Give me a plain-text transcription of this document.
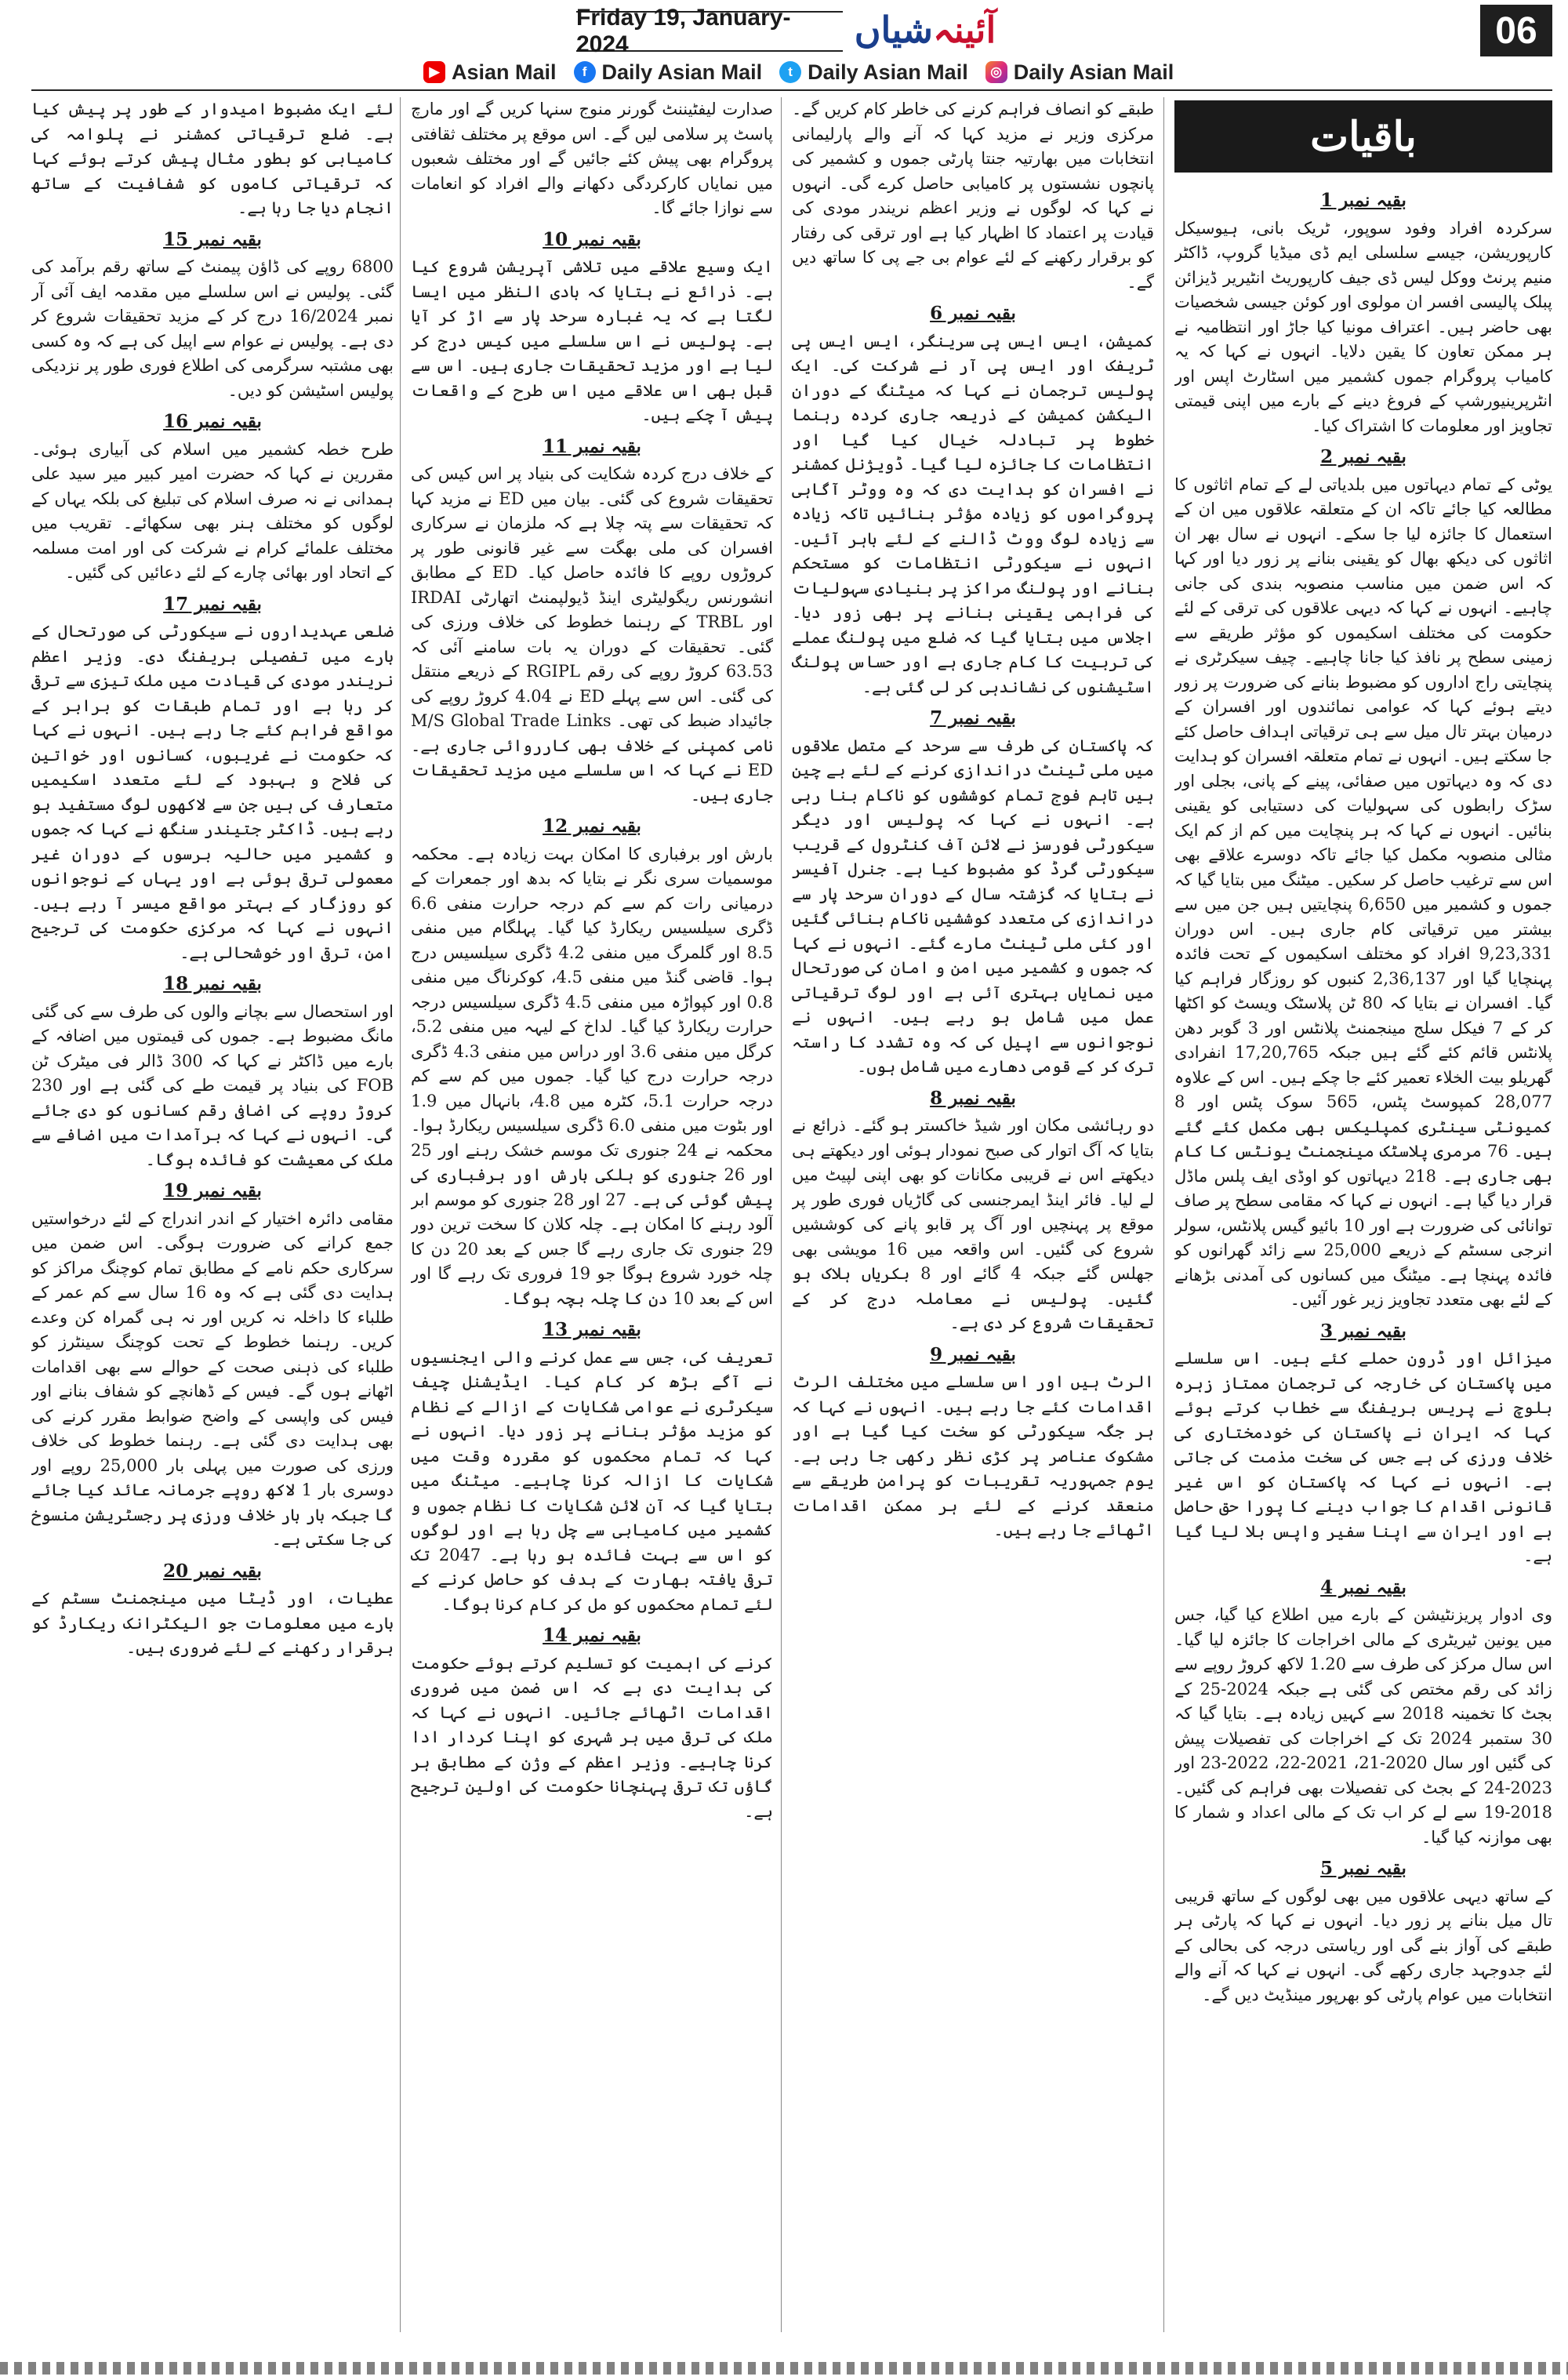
Friday 19, January-2024	آئینہ
شیاں	06
▶ Asian Mail	f Daily Asian Mail	t Daily Asian Mail	◎ Daily Asian Mail
باقیات
بقیہ نمبر 1

سرکردہ افراد وفود سوپور، ٹریک بانی، ہیوسیکل کارپوریشن، جیسے سلسلی ایم ڈی میڈیا گروپ، ڈاکٹر منیم پرنٹ ووکل لیس ڈی جیف کارپوریٹ انٹیریر ڈیزائن پبلک پالیسی افسر ان مولوی اور کوئن جیسی شخصیات بھی حاضر ہیں۔ اعتراف مونیا کیا جاڑ اور انتظامیہ نے ہر ممکن تعاون کا یقین دلایا۔ انہوں نے کہا کہ یہ کامیاب پروگرام جموں کشمیر میں اسٹارٹ اپس اور انٹرپرینیورشپ کے فروغ دینے کے بارے میں اپنی قیمتی تجاویز اور معلومات کا اشتراک کیا۔

بقیہ نمبر 2

یوٹی کے تمام دیہاتوں میں بلدیاتی لے کے تمام اثاثوں کا مطالعہ کیا جائے تاکہ ان کے متعلقہ علاقوں میں ان کے استعمال کا جائزہ لیا جا سکے۔ انہوں نے سال بھر ان اثاثوں کی دیکھ بھال کو یقینی بنانے پر زور دیا اور کہا کہ اس ضمن میں مناسب منصوبہ بندی کی جانی چاہیے۔ انہوں نے کہا کہ دیہی علاقوں کی ترقی کے لئے حکومت کی مختلف اسکیموں کو مؤثر طریقے سے زمینی سطح پر نافذ کیا جانا چاہیے۔ چیف سیکرٹری نے پنچایتی راج اداروں کو مضبوط بنانے کی ضرورت پر زور دیتے ہوئے کہا کہ عوامی نمائندوں اور افسران کے درمیان بہتر تال میل سے ہی ترقیاتی اہداف حاصل کئے جا سکتے ہیں۔ انہوں نے تمام متعلقہ افسران کو ہدایت دی کہ وہ دیہاتوں میں صفائی، پینے کے پانی، بجلی اور سڑک رابطوں کی سہولیات کی دستیابی کو یقینی بنائیں۔ انہوں نے کہا کہ ہر پنچایت میں کم از کم ایک مثالی منصوبہ مکمل کیا جائے تاکہ دوسرے علاقے بھی اس سے ترغیب حاصل کر سکیں۔ میٹنگ میں بتایا گیا کہ جموں و کشمیر میں 6,650 پنچایتیں ہیں جن میں سے بیشتر میں ترقیاتی کام جاری ہیں۔ اس دوران 9,23,331 افراد کو مختلف اسکیموں کے تحت فائدہ پہنچایا گیا اور 2,36,137 کنبوں کو روزگار فراہم کیا گیا۔ افسران نے بتایا کہ 80 ٹن پلاسٹک ویسٹ کو اکٹھا کر کے 7 فیکل سلج مینجمنٹ پلانٹس اور 3 گوبر دھن پلانٹس قائم کئے گئے ہیں جبکہ 17,20,765 انفرادی گھریلو بیت الخلاء تعمیر کئے جا چکے ہیں۔ اس کے علاوہ 28,077 کمپوسٹ پٹس، 565 سوک پٹس اور 8 کمیونٹی سینٹری کمپلیکس بھی مکمل کئے گئے ہیں۔ 76 مرمری پلاسٹک مینجمنٹ یونٹس کا کام بھی جاری ہے۔ 218 دیہاتوں کو اوڈی ایف پلس ماڈل قرار دیا گیا ہے۔ انہوں نے کہا کہ مقامی سطح پر صاف توانائی کی ضرورت ہے اور 10 بائیو گیس پلانٹس، سولر انرجی سسٹم کے ذریعے 25,000 سے زائد گھرانوں کو فائدہ پہنچا ہے۔ میٹنگ میں کسانوں کی آمدنی بڑھانے کے لئے بھی متعدد تجاویز زیر غور آئیں۔

بقیہ نمبر 3

میزائل اور ڈرون حملے کئے ہیں۔ اس سلسلے میں پاکستان کی خارجہ کی ترجمان ممتاز زہرہ بلوچ نے پریس بریفنگ سے خطاب کرتے ہوئے کہا کہ ایران نے پاکستان کی خودمختاری کی خلاف ورزی کی ہے جس کی سخت مذمت کی جاتی ہے۔ انہوں نے کہا کہ پاکستان کو اس غیر قانونی اقدام کا جواب دینے کا پورا حق حاصل ہے اور ایران سے اپنا سفیر واپس بلا لیا گیا ہے۔

بقیہ نمبر 4

وی ادوار پریزنٹیشن کے بارے میں اطلاع کیا گیا، جس میں یونین ٹیریٹری کے مالی اخراجات کا جائزہ لیا گیا۔ اس سال مرکز کی طرف سے 1.20 لاکھ کروڑ روپے سے زائد کی رقم مختص کی گئی ہے جبکہ 2024-25 کے بجٹ کا تخمینہ 2018 سے کہیں زیادہ ہے۔ بتایا گیا کہ 30 ستمبر 2024 تک کے اخراجات کی تفصیلات پیش کی گئیں اور سال 2020-21، 2021-22، 2022-23 اور 2023-24 کے بجٹ کی تفصیلات بھی فراہم کی گئیں۔ 2018-19 سے لے کر اب تک کے مالی اعداد و شمار کا بھی موازنہ کیا گیا۔

بقیہ نمبر 5

کے ساتھ دیہی علاقوں میں بھی لوگوں کے ساتھ قریبی تال میل بنانے پر زور دیا۔ انہوں نے کہا کہ پارٹی ہر طبقے کی آواز بنے گی اور ریاستی درجہ کی بحالی کے لئے جدوجہد جاری رکھے گی۔ انہوں نے کہا کہ آنے والے انتخابات میں عوام پارٹی کو بھرپور مینڈیٹ دیں گے۔

طبقے کو انصاف فراہم کرنے کی خاطر کام کریں گے۔ مرکزی وزیر نے مزید کہا کہ آنے والے پارلیمانی انتخابات میں بھارتیہ جنتا پارٹی جموں و کشمیر کی پانچوں نشستوں پر کامیابی حاصل کرے گی۔ انہوں نے کہا کہ لوگوں نے وزیر اعظم نریندر مودی کی قیادت پر اعتماد کا اظہار کیا ہے اور ترقی کی رفتار کو برقرار رکھنے کے لئے عوام بی جے پی کا ساتھ دیں گے۔

بقیہ نمبر 6

کمیشن، ایس ایس پی سرینگر، ایس ایس پی ٹریفک اور ایس پی آر نے شرکت کی۔ ایک پولیس ترجمان نے کہا کہ میٹنگ کے دوران الیکشن کمیشن کے ذریعہ جاری کردہ رہنما خطوط پر تبادلہ خیال کیا گیا اور انتظامات کا جائزہ لیا گیا۔ ڈویژنل کمشنر نے افسران کو ہدایت دی کہ وہ ووٹر آگاہی پروگراموں کو زیادہ مؤثر بنائیں تاکہ زیادہ سے زیادہ لوگ ووٹ ڈالنے کے لئے باہر آئیں۔ انہوں نے سیکورٹی انتظامات کو مستحکم بنانے اور پولنگ مراکز پر بنیادی سہولیات کی فراہمی یقینی بنانے پر بھی زور دیا۔ اجلاس میں بتایا گیا کہ ضلع میں پولنگ عملے کی تربیت کا کام جاری ہے اور حساس پولنگ اسٹیشنوں کی نشاندہی کر لی گئی ہے۔

بقیہ نمبر 7

کہ پاکستان کی طرف سے سرحد کے متصل علاقوں میں ملی ٹینٹ دراندازی کرنے کے لئے بے چین ہیں تاہم فوج تمام کوششوں کو ناکام بنا رہی ہے۔ انہوں نے کہا کہ پولیس اور دیگر سیکورٹی فورسز نے لائن آف کنٹرول کے قریب سیکورٹی گرڈ کو مضبوط کیا ہے۔ جنرل آفیسر نے بتایا کہ گزشتہ سال کے دوران سرحد پار سے دراندازی کی متعدد کوششیں ناکام بنائی گئیں اور کئی ملی ٹینٹ مارے گئے۔ انہوں نے کہا کہ جموں و کشمیر میں امن و امان کی صورتحال میں نمایاں بہتری آئی ہے اور لوگ ترقیاتی عمل میں شامل ہو رہے ہیں۔ انہوں نے نوجوانوں سے اپیل کی کہ وہ تشدد کا راستہ ترک کر کے قومی دھارے میں شامل ہوں۔

بقیہ نمبر 8

دو رہائشی مکان اور شیڈ خاکستر ہو گئے۔ ذرائع نے بتایا کہ آگ اتوار کی صبح نمودار ہوئی اور دیکھتے ہی دیکھتے اس نے قریبی مکانات کو بھی اپنی لپیٹ میں لے لیا۔ فائر اینڈ ایمرجنسی کی گاڑیاں فوری طور پر موقع پر پہنچیں اور آگ پر قابو پانے کی کوششیں شروع کی گئیں۔ اس واقعہ میں 16 مویشی بھی جھلس گئے جبکہ 4 گائے اور 8 بکریاں ہلاک ہو گئیں۔ پولیس نے معاملہ درج کر کے تحقیقات شروع کر دی ہے۔

بقیہ نمبر 9

الرٹ ہیں اور اس سلسلے میں مختلف الرٹ اقدامات کئے جا رہے ہیں۔ انہوں نے کہا کہ ہر جگہ سیکورٹی کو سخت کیا گیا ہے اور مشکوک عناصر پر کڑی نظر رکھی جا رہی ہے۔ یوم جمہوریہ تقریبات کو پرامن طریقے سے منعقد کرنے کے لئے ہر ممکن اقدامات اٹھائے جا رہے ہیں۔

صدارت لیفٹیننٹ گورنر منوج سنہا کریں گے اور مارچ پاسٹ پر سلامی لیں گے۔ اس موقع پر مختلف ثقافتی پروگرام بھی پیش کئے جائیں گے اور مختلف شعبوں میں نمایاں کارکردگی دکھانے والے افراد کو انعامات سے نوازا جائے گا۔

بقیہ نمبر 10

ایک وسیع علاقے میں تلاشی آپریشن شروع کیا ہے۔ ذرائع نے بتایا کہ بادی النظر میں ایسا لگتا ہے کہ یہ غبارہ سرحد پار سے اڑ کر آیا ہے۔ پولیس نے اس سلسلے میں کیس درج کر لیا ہے اور مزید تحقیقات جاری ہیں۔ اس سے قبل بھی اس علاقے میں اس طرح کے واقعات پیش آ چکے ہیں۔

بقیہ نمبر 11

کے خلاف درج کردہ شکایت کی بنیاد پر اس کیس کی تحقیقات شروع کی گئی۔ بیان میں ED نے مزید کہا کہ تحقیقات سے پتہ چلا ہے کہ ملزمان نے سرکاری افسران کی ملی بھگت سے غیر قانونی طور پر کروڑوں روپے کا فائدہ حاصل کیا۔ ED کے مطابق انشورنس ریگولیٹری اینڈ ڈیولپمنٹ اتھارٹی IRDAI اور TRBL کے رہنما خطوط کی خلاف ورزی کی گئی۔ تحقیقات کے دوران یہ بات سامنے آئی کہ 63.53 کروڑ روپے کی رقم RGIPL کے ذریعے منتقل کی گئی۔ اس سے پہلے ED نے 4.04 کروڑ روپے کی جائیداد ضبط کی تھی۔ M/S Global Trade Links نامی کمپنی کے خلاف بھی کارروائی جاری ہے۔ ED نے کہا کہ اس سلسلے میں مزید تحقیقات جاری ہیں۔

بقیہ نمبر 12

بارش اور برفباری کا امکان بہت زیادہ ہے۔ محکمہ موسمیات سری نگر نے بتایا کہ بدھ اور جمعرات کے درمیانی رات کم سے کم درجہ حرارت منفی 6.6 ڈگری سیلسیس ریکارڈ کیا گیا۔ پہلگام میں منفی 8.5 اور گلمرگ میں منفی 4.2 ڈگری سیلسیس درج ہوا۔ قاضی گنڈ میں منفی 4.5، کوکرناگ میں منفی 0.8 اور کپواڑہ میں منفی 4.5 ڈگری سیلسیس درجہ حرارت ریکارڈ کیا گیا۔ لداخ کے لیہہ میں منفی 5.2، کرگل میں منفی 3.6 اور دراس میں منفی 4.3 ڈگری درجہ حرارت درج کیا گیا۔ جموں میں کم سے کم درجہ حرارت 5.1، کٹرہ میں 4.8، بانہال میں 1.9 اور بٹوت میں منفی 6.0 ڈگری سیلسیس ریکارڈ ہوا۔ محکمہ نے 24 جنوری تک موسم خشک رہنے اور 25 اور 26 جنوری کو ہلکی بارش اور برفباری کی پیش گوئی کی ہے۔ 27 اور 28 جنوری کو موسم ابر آلود رہنے کا امکان ہے۔ چلہ کلان کا سخت ترین دور 29 جنوری تک جاری رہے گا جس کے بعد 20 دن کا چلہ خورد شروع ہوگا جو 19 فروری تک رہے گا اور اس کے بعد 10 دن کا چلہ بچہ ہوگا۔

بقیہ نمبر 13

تعریف کی، جس سے عمل کرنے والی ایجنسیوں نے آگے بڑھ کر کام کیا۔ ایڈیشنل چیف سیکرٹری نے عوامی شکایات کے ازالے کے نظام کو مزید مؤثر بنانے پر زور دیا۔ انہوں نے کہا کہ تمام محکموں کو مقررہ وقت میں شکایات کا ازالہ کرنا چاہیے۔ میٹنگ میں بتایا گیا کہ آن لائن شکایات کا نظام جموں و کشمیر میں کامیابی سے چل رہا ہے اور لوگوں کو اس سے بہت فائدہ ہو رہا ہے۔ 2047 تک ترقی یافتہ بھارت کے ہدف کو حاصل کرنے کے لئے تمام محکموں کو مل کر کام کرنا ہوگا۔

بقیہ نمبر 14

کرنے کی اہمیت کو تسلیم کرتے ہوئے حکومت کی ہدایت دی ہے کہ اس ضمن میں ضروری اقدامات اٹھائے جائیں۔ انہوں نے کہا کہ ملک کی ترقی میں ہر شہری کو اپنا کردار ادا کرنا چاہیے۔ وزیر اعظم کے وژن کے مطابق ہر گاؤں تک ترقی پہنچانا حکومت کی اولین ترجیح ہے۔

لئے ایک مضبوط امیدوار کے طور پر پیش کیا ہے۔ ضلع ترقیاتی کمشنر نے پلوامہ کی کامیابی کو بطور مثال پیش کرتے ہوئے کہا کہ ترقیاتی کاموں کو شفافیت کے ساتھ انجام دیا جا رہا ہے۔

بقیہ نمبر 15

6800 روپے کی ڈاؤن پیمنٹ کے ساتھ رقم برآمد کی گئی۔ پولیس نے اس سلسلے میں مقدمہ ایف آئی آر نمبر 16/2024 درج کر کے مزید تحقیقات شروع کر دی ہے۔ پولیس نے عوام سے اپیل کی ہے کہ وہ کسی بھی مشتبہ سرگرمی کی اطلاع فوری طور پر نزدیکی پولیس اسٹیشن کو دیں۔

بقیہ نمبر 16

طرح خطہ کشمیر میں اسلام کی آبیاری ہوئی۔ مقررین نے کہا کہ حضرت امیر کبیر میر سید علی ہمدانی نے نہ صرف اسلام کی تبلیغ کی بلکہ یہاں کے لوگوں کو مختلف ہنر بھی سکھائے۔ تقریب میں مختلف علمائے کرام نے شرکت کی اور امت مسلمہ کے اتحاد اور بھائی چارے کے لئے دعائیں کی گئیں۔

بقیہ نمبر 17

ضلعی عہدیداروں نے سیکورٹی کی صورتحال کے بارے میں تفصیلی بریفنگ دی۔ وزیر اعظم نریندر مودی کی قیادت میں ملک تیزی سے ترقی کر رہا ہے اور تمام طبقات کو برابر کے مواقع فراہم کئے جا رہے ہیں۔ انہوں نے کہا کہ حکومت نے غریبوں، کسانوں اور خواتین کی فلاح و بہبود کے لئے متعدد اسکیمیں متعارف کی ہیں جن سے لاکھوں لوگ مستفید ہو رہے ہیں۔ ڈاکٹر جتیندر سنگھ نے کہا کہ جموں و کشمیر میں حالیہ برسوں کے دوران غیر معمولی ترقی ہوئی ہے اور یہاں کے نوجوانوں کو روزگار کے بہتر مواقع میسر آ رہے ہیں۔ انہوں نے کہا کہ مرکزی حکومت کی ترجیح امن، ترقی اور خوشحالی ہے۔

بقیہ نمبر 18

اور استحصال سے بچانے والوں کی طرف سے کی گئی مانگ مضبوط ہے۔ جموں کی قیمتوں میں اضافہ کے بارے میں ڈاکٹر نے کہا کہ 300 ڈالر فی میٹرک ٹن FOB کی بنیاد پر قیمت طے کی گئی ہے اور 230 کروڑ روپے کی اضافی رقم کسانوں کو دی جائے گی۔ انہوں نے کہا کہ برآمدات میں اضافے سے ملک کی معیشت کو فائدہ ہوگا۔

بقیہ نمبر 19

مقامی دائرہ اختیار کے اندر اندراج کے لئے درخواستیں جمع کرانے کی ضرورت ہوگی۔ اس ضمن میں سرکاری حکم نامے کے مطابق تمام کوچنگ مراکز کو ہدایت دی گئی ہے کہ وہ 16 سال سے کم عمر کے طلباء کا داخلہ نہ کریں اور نہ ہی گمراہ کن وعدے کریں۔ رہنما خطوط کے تحت کوچنگ سینٹرز کو طلباء کی ذہنی صحت کے حوالے سے بھی اقدامات اٹھانے ہوں گے۔ فیس کے ڈھانچے کو شفاف بنانے اور فیس کی واپسی کے واضح ضوابط مقرر کرنے کی بھی ہدایت دی گئی ہے۔ رہنما خطوط کی خلاف ورزی کی صورت میں پہلی بار 25,000 روپے اور دوسری بار 1 لاکھ روپے جرمانہ عائد کیا جائے گا جبکہ بار بار خلاف ورزی پر رجسٹریشن منسوخ کی جا سکتی ہے۔

بقیہ نمبر 20

عطیات، اور ڈیٹا میں مینجمنٹ سسٹم کے بارے میں معلومات جو الیکٹرانک ریکارڈ کو برقرار رکھنے کے لئے ضروری ہیں۔
